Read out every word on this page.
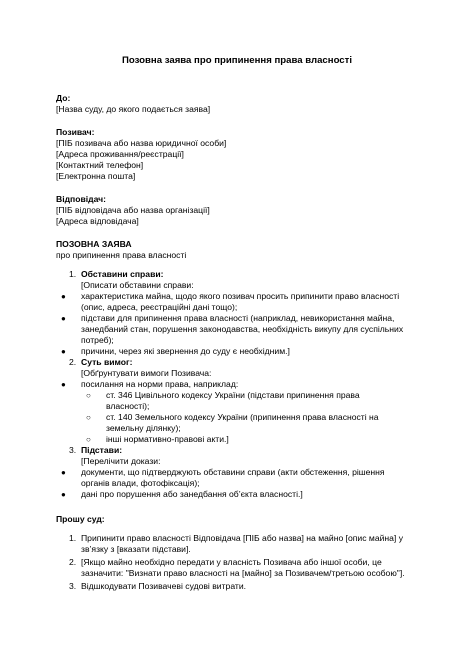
Позовна заява про припинення права власності

До:

[Назва суду, до якого подається заява]

Позивач:

[ПІБ позивача або назва юридичної особи]

[Адреса проживання/реєстрації]

[Контактний телефон]

[Електронна пошта]

Відповідач:

[ПІБ відповідача або назва організації]

[Адреса відповідача]

ПОЗОВНА ЗАЯВА

про припинення права власності

1. Обставини справи:
[Описати обставини справи:
● характеристика майна, щодо якого позивач просить припинити право власності
(опис, адреса, реєстраційні дані тощо);
● підстави для припинення права власності (наприклад, невикористання майна,
занедбаний стан, порушення законодавства, необхідність викупу для суспільних
потреб);
● причини, через які звернення до суду є необхідним.]
2. Суть вимог:
[Обґрунтувати вимоги Позивача:
● посилання на норми права, наприклад:
○ ст. 346 Цивільного кодексу України (підстави припинення права
власності);
○ ст. 140 Земельного кодексу України (припинення права власності на
земельну ділянку);
○ інші нормативно-правові акти.]
3. Підстави:
[Перелічити докази:
● документи, що підтверджують обставини справи (акти обстеження, рішення
органів влади, фотофіксація);
● дані про порушення або занедбання об’єкта власності.]

Прошу суд:

1. Припинити право власності Відповідача [ПІБ або назва] на майно [опис майна] у
зв’язку з [вказати підстави].
2. [Якщо майно необхідно передати у власність Позивача або іншої особи, це
зазначити: "Визнати право власності на [майно] за Позивачем/третьою особою"].
3. Відшкодувати Позивачеві судові витрати.
